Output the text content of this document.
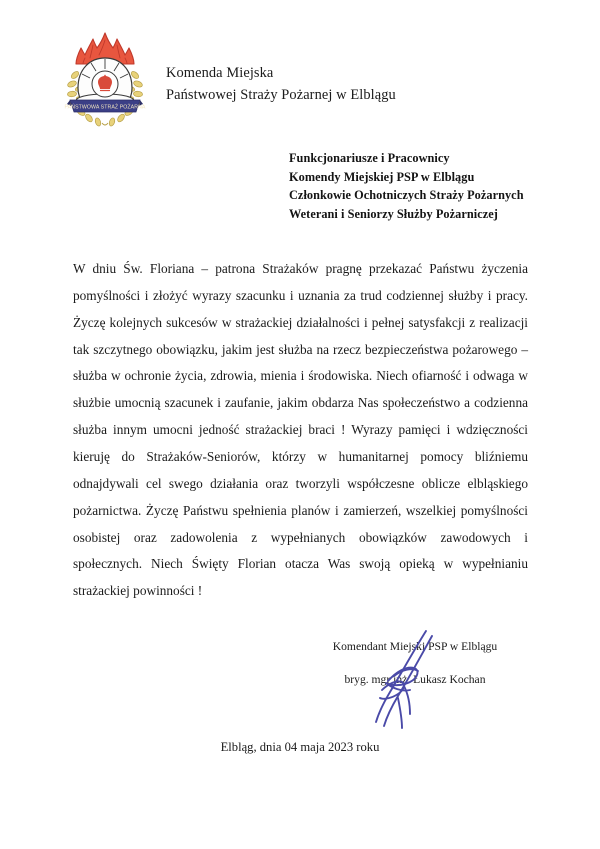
PAŃSTWOWA STRAŻ POŻARNA
Komenda Miejska
Państwowej Straży Pożarnej w Elblągu
Funkcjonariusze i Pracownicy
Komendy Miejskiej PSP w Elblągu
Członkowie Ochotniczych Straży Pożarnych
Weterani i Seniorzy Służby Pożarniczej

W dniu Św. Floriana – patrona Strażaków pragnę przekazać Państwu życzenia pomyślności i złożyć wyrazy szacunku i uznania za trud codziennej służby i pracy. Życzę kolejnych sukcesów w strażackiej działalności i pełnej satysfakcji z realizacji tak szczytnego obowiązku, jakim jest służba na rzecz bezpieczeństwa pożarowego – służba w ochronie życia, zdrowia, mienia i środowiska. Niech ofiarność i odwaga w służbie umocnią szacunek i zaufanie, jakim obdarza Nas społeczeństwo a codzienna służba innym umocni jedność strażackiej braci ! Wyrazy pamięci i wdzięczności kieruję do Strażaków-Seniorów, którzy w humanitarnej pomocy bliźniemu odnajdywali cel swego działania oraz tworzyli współczesne oblicze elbląskiego pożarnictwa. Życzę Państwu spełnienia planów i zamierzeń, wszelkiej pomyślności osobistej oraz zadowolenia z wypełnianych obowiązków zawodowych i społecznych. Niech Święty Florian otacza Was swoją opieką w wypełnianiu strażackiej powinności !

Komendant Miejski PSP w Elblągu
bryg. mgr inż. Łukasz Kochan
Elbląg, dnia 04 maja 2023 roku
